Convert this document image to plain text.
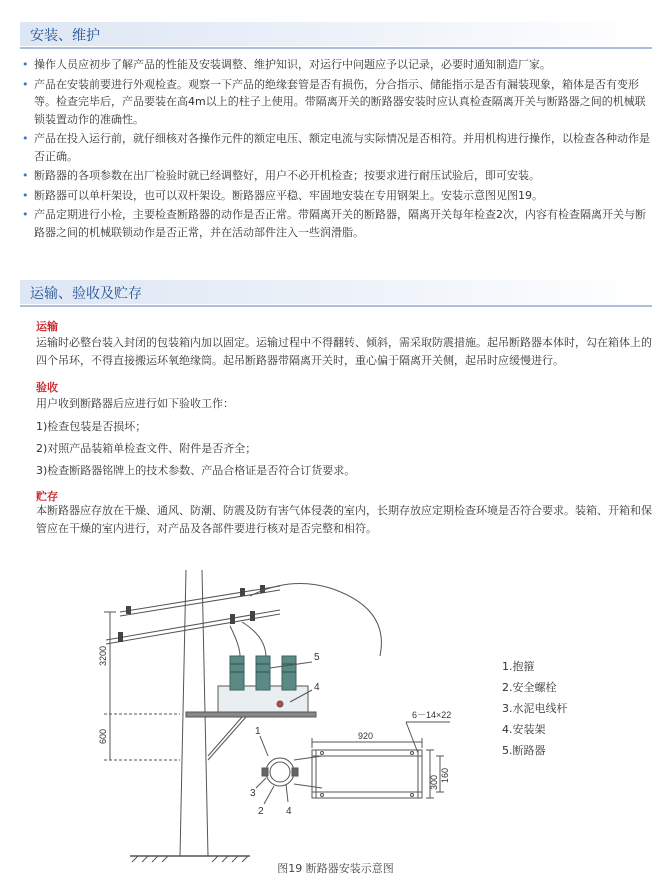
安装、维护
• 操作人员应初步了解产品的性能及安装调整、维护知识，对运行中问题应予以记录，必要时通知制造厂家。
• 产品在安装前要进行外观检查。观察一下产品的绝缘套管是否有损伤，分合指示、储能指示是否有漏装现象，箱体是否有变形等。检查完毕后，产品要装在高4m以上的柱子上使用。带隔离开关的断路器安装时应认真检查隔离开关与断路器之间的机械联锁装置动作的准确性。
• 产品在投入运行前，就仔细核对各操作元件的额定电压、额定电流与实际情况是否相符。并用机构进行操作，以检查各种动作是否正确。
• 断路器的各项参数在出厂检验时就已经调整好，用户不必开机检查；按要求进行耐压试验后，即可安装。
• 断路器可以单杆架设，也可以双杆架设。断路器应平稳、牢固地安装在专用钢架上。安装示意图见图19。
• 产品定期进行小检，主要检查断路器的动作是否正常。带隔离开关的断路器，隔离开关每年检查2次，内容有检查隔离开关与断路器之间的机械联锁动作是否正常，并在活动部件注入一些润滑脂。
运输、验收及贮存
运输

运输时必整台装入封闭的包装箱内加以固定。运输过程中不得翻转、倾斜，需采取防震措施。起吊断路器本体时，勾在箱体上的四个吊环，不得直接搬运环氧绝缘筒。起吊断路器带隔离开关时，重心偏于隔离开关侧，起吊时应缓慢进行。

验收

用户收到断路器后应进行如下验收工作：

1)检查包装是否损坏；

2)对照产品装箱单检查文件、附件是否齐全；

3)检查断路器铭牌上的技术参数、产品合格证是否符合订货要求。

贮存

本断路器应存放在干燥、通风、防潮、防震及防有害气体侵袭的室内，长期存放应定期检查环境是否符合要求。装箱、开箱和保管应在干燥的室内进行，对产品及各部件要进行核对是否完整和相符。

3200
600	920
6－14×22
300 160
5
4
1
3
2 4
1.抱箍
2.安全螺栓
3.水泥电线杆
4.安装架
5.断路器
图19 断路器安装示意图
